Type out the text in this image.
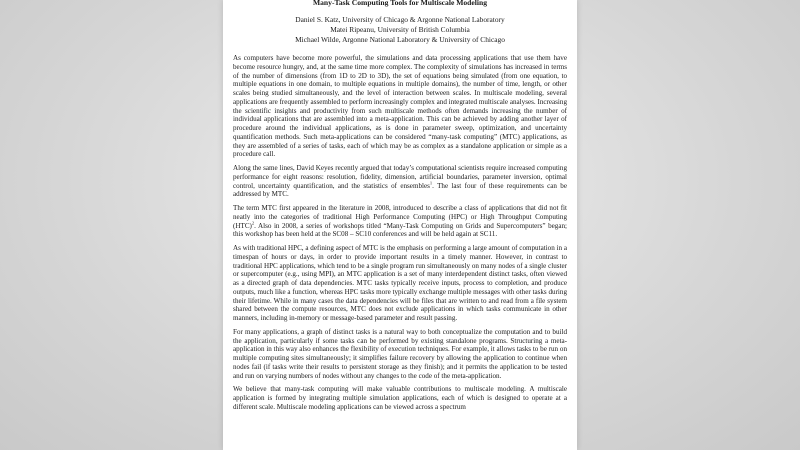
Many-Task Computing Tools for Multiscale Modeling
Daniel S. Katz, University of Chicago & Argonne National Laboratory
Matei Ripeanu, University of British Columbia
Michael Wilde, Argonne National Laboratory & University of Chicago

As computers have become more powerful, the simulations and data processing applications that use them have become resource hungry, and, at the same time more complex. The complexity of simulations has increased in terms of the number of dimensions (from 1D to 2D to 3D), the set of equations being simulated (from one equation, to multiple equations in one domain, to multiple equations in multiple domains), the number of time, length, or other scales being studied simultaneously, and the level of interaction between scales. In multiscale modeling, several applications are frequently assembled to perform increasingly complex and integrated multiscale analyses. Increasing the scientific insights and productivity from such multiscale methods often demands increasing the number of individual applications that are assembled into a meta-application. This can be achieved by adding another layer of procedure around the individual applications, as is done in parameter sweep, optimization, and uncertainty quantification methods. Such meta-applications can be considered “many-task computing” (MTC) applications, as they are assembled of a series of tasks, each of which may be as complex as a standalone application or simple as a procedure call.

Along the same lines, David Keyes recently argued that today’s computational scientists require increased computing performance for eight reasons: resolution, fidelity, dimension, artificial boundaries, parameter inversion, optimal control, uncertainty quantification, and the statistics of ensembles$^1$. The last four of these requirements can be addressed by MTC.

The term MTC first appeared in the literature in 2008, introduced to describe a class of applications that did not fit neatly into the categories of traditional High Performance Computing (HPC) or High Throughput Computing (HTC)$^2$. Also in 2008, a series of workshops titled “Many-Task Computing on Grids and Supercomputers” began; this workshop has been held at the SC08 – SC10 conferences and will be held again at SC11.

As with traditional HPC, a defining aspect of MTC is the emphasis on performing a large amount of computation in a timespan of hours or days, in order to provide important results in a timely manner. However, in contrast to traditional HPC applications, which tend to be a single program run simultaneously on many nodes of a single cluster or supercomputer (e.g., using MPI), an MTC application is a set of many interdependent distinct tasks, often viewed as a directed graph of data dependencies. MTC tasks typically receive inputs, process to completion, and produce outputs, much like a function, whereas HPC tasks more typically exchange multiple messages with other tasks during their lifetime. While in many cases the data dependencies will be files that are written to and read from a file system shared between the compute resources, MTC does not exclude applications in which tasks communicate in other manners, including in-memory or message-based parameter and result passing.

For many applications, a graph of distinct tasks is a natural way to both conceptualize the computation and to build the application, particularly if some tasks can be performed by existing standalone programs. Structuring a meta-application in this way also enhances the flexibility of execution techniques. For example, it allows tasks to be run on multiple computing sites simultaneously; it simplifies failure recovery by allowing the application to continue when nodes fail (if tasks write their results to persistent storage as they finish); and it permits the application to be tested and run on varying numbers of nodes without any changes to the code of the meta-application.

We believe that many-task computing will make valuable contributions to multiscale modeling. A multiscale application is formed by integrating multiple simulation applications, each of which is designed to operate at a different scale. Multiscale modeling applications can be viewed across a spectrum
